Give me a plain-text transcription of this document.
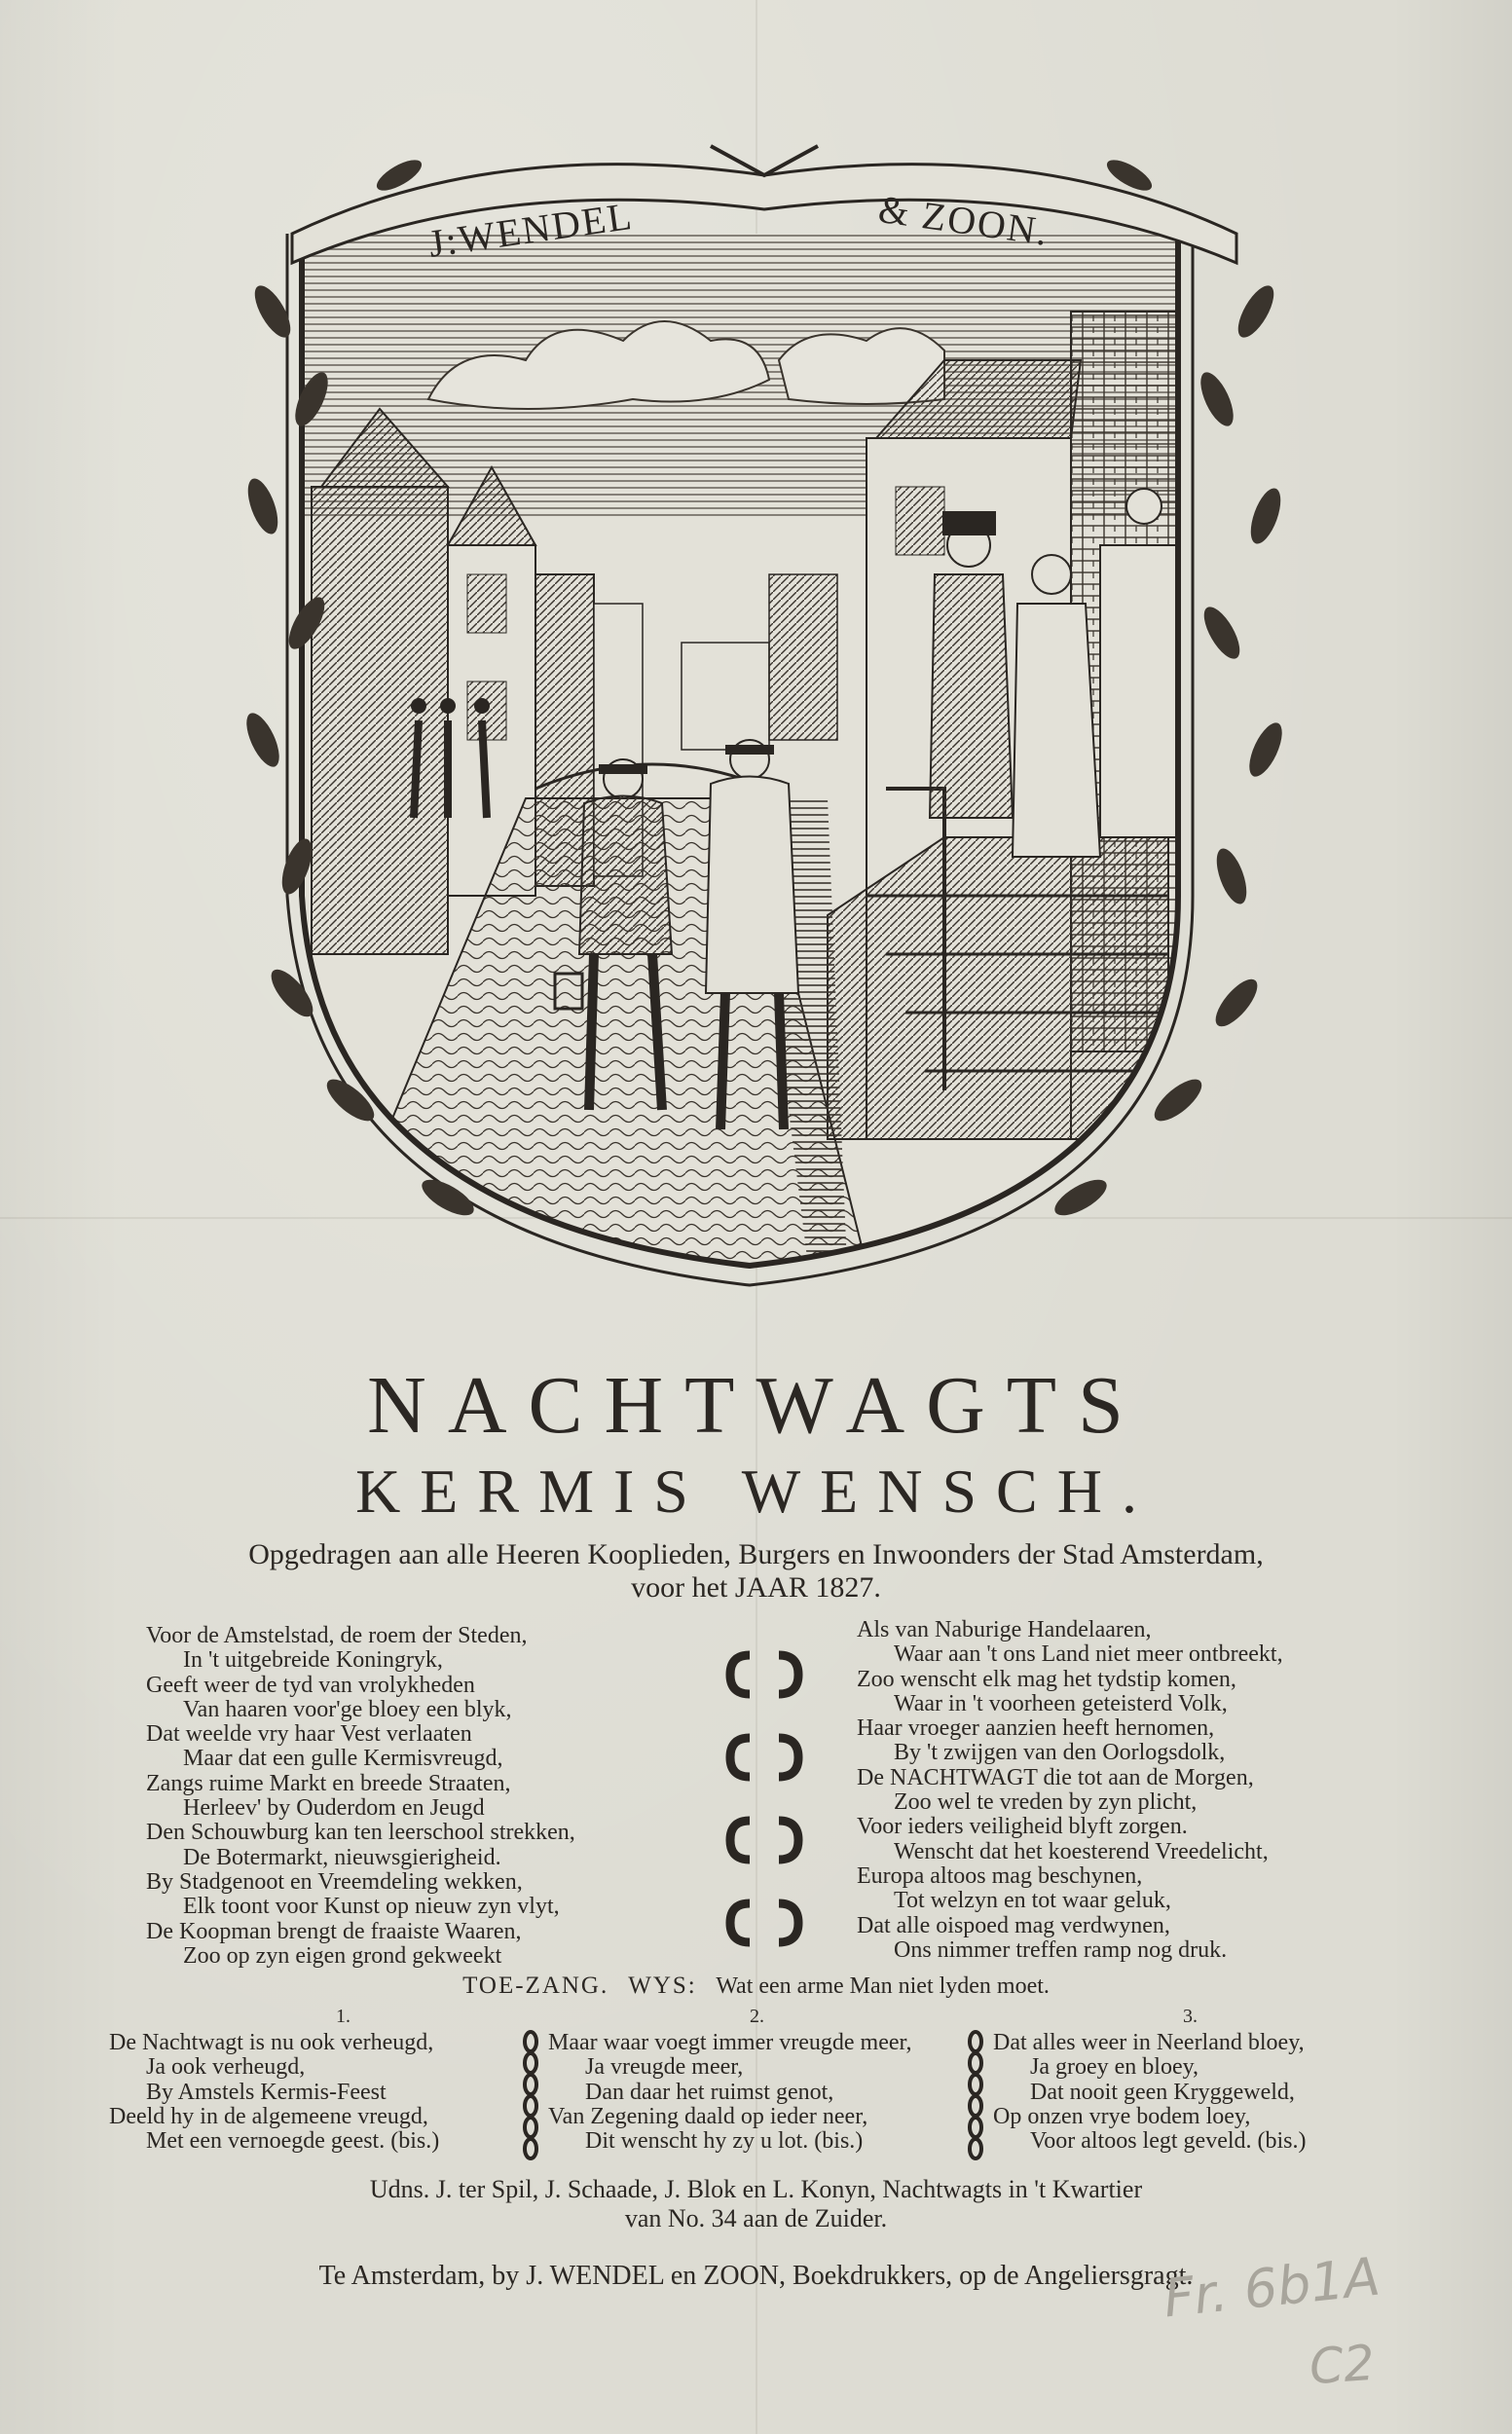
J:WENDEL	& ZOON.
NACHTWAGTS
KERMIS WENSCH.
Opgedragen aan alle Heeren Kooplieden, Burgers en Inwoonders der Stad Amsterdam,
voor het JAAR 1827.
Voor de Amstelstad, de roem der Steden,
In 't uitgebreide Koningryk,
Geeft weer de tyd van vrolykheden
Van haaren voor'ge bloey een blyk,
Dat weelde vry haar Vest verlaaten
Maar dat een gulle Kermisvreugd,
Zangs ruime Markt en breede Straaten,
Herleev' by Ouderdom en Jeugd
Den Schouwburg kan ten leerschool strekken,
De Botermarkt, nieuwsgierigheid.
By Stadgenoot en Vreemdeling wekken,
Elk toont voor Kunst op nieuw zyn vlyt,
De Koopman brengt de fraaiste Waaren,
Zoo op zyn eigen grond gekweekt
Als van Naburige Handelaaren,
Waar aan 't ons Land niet meer ontbreekt,
Zoo wenscht elk mag het tydstip komen,
Waar in 't voorheen geteisterd Volk,
Haar vroeger aanzien heeft hernomen,
By 't zwijgen van den Oorlogsdolk,
De NACHTWAGT die tot aan de Morgen,
Zoo wel te vreden by zyn plicht,
Voor ieders veiligheid blyft zorgen.
Wenscht dat het koesterend Vreedelicht,
Europa altoos mag beschynen,
Tot welzyn en tot waar geluk,
Dat alle oispoed mag verdwynen,
Ons nimmer treffen ramp nog druk.
TOE-ZANG. WYS: Wat een arme Man niet lyden moet.
1.	2.	3.
De Nachtwagt is nu ook verheugd,
Ja ook verheugd,
By Amstels Kermis-Feest
Deeld hy in de algemeene vreugd,
Met een vernoegde geest. (bis.)
Maar waar voegt immer vreugde meer,
Ja vreugde meer,
Dan daar het ruimst genot,
Van Zegening daald op ieder neer,
Dit wenscht hy zy u lot. (bis.)
Dat alles weer in Neerland bloey,
Ja groey en bloey,
Dat nooit geen Kryggeweld,
Op onzen vrye bodem loey,
Voor altoos legt geveld. (bis.)
Udns. J. ter Spil, J. Schaade, J. Blok en L. Konyn, Nachtwagts in 't Kwartier
van No. 34 aan de Zuider.
Te Amsterdam, by J. WENDEL en ZOON, Boekdrukkers, op de Angeliersgragt.
Fr. 6b1A
C2
